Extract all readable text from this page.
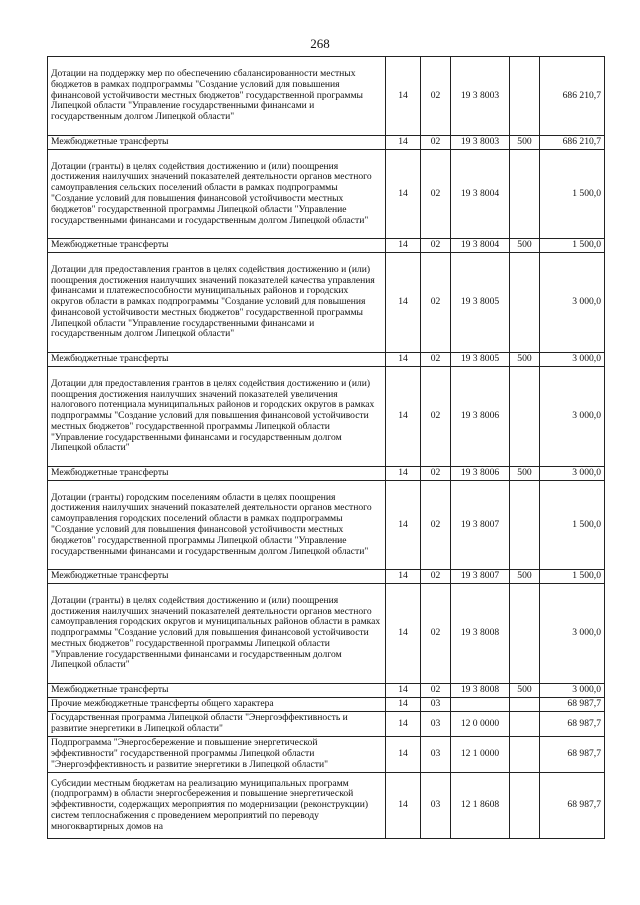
268
Дотации на поддержку мер по обеспечению сбалансированности местных бюджетов в рамках подпрограммы "Создание условий для повышения финансовой устойчивости местных бюджетов" государственной программы Липецкой области "Управление государственными финансами и государственным долгом Липецкой области"	14	02	19 3 8003		686 210,7
Межбюджетные трансферты	14	02	19 3 8003	500	686 210,7
Дотации (гранты) в целях содействия достижению и (или) поощрения достижения наилучших значений показателей деятельности органов местного самоуправления сельских поселений области в рамках подпрограммы "Создание условий для повышения финансовой устойчивости местных бюджетов" государственной программы Липецкой области "Управление государственными финансами и государственным долгом Липецкой области"	14	02	19 3 8004		1 500,0
Межбюджетные трансферты	14	02	19 3 8004	500	1 500,0
Дотации для предоставления грантов в целях содействия достижению и (или) поощрения достижения наилучших значений показателей качества управления финансами и платежеспособности муниципальных районов и городских округов области в рамках подпрограммы "Создание условий для повышения финансовой устойчивости местных бюджетов" государственной программы Липецкой области "Управление государственными финансами и государственным долгом Липецкой области"	14	02	19 3 8005		3 000,0
Межбюджетные трансферты	14	02	19 3 8005	500	3 000,0
Дотации для предоставления грантов в целях содействия достижению и (или) поощрения достижения наилучших значений показателей увеличения налогового потенциала муниципальных районов и городских округов в рамках подпрограммы "Создание условий для повышения финансовой устойчивости местных бюджетов" государственной программы Липецкой области "Управление государственными финансами и государственным долгом Липецкой области"	14	02	19 3 8006		3 000,0
Межбюджетные трансферты	14	02	19 3 8006	500	3 000,0
Дотации (гранты) городским поселениям области в целях поощрения достижения наилучших значений показателей деятельности органов местного самоуправления городских поселений области в рамках подпрограммы "Создание условий для повышения финансовой устойчивости местных бюджетов" государственной программы Липецкой области "Управление государственными финансами и государственным долгом Липецкой области"	14	02	19 3 8007		1 500,0
Межбюджетные трансферты	14	02	19 3 8007	500	1 500,0
Дотации (гранты) в целях содействия достижению и (или) поощрения достижения наилучших значений показателей деятельности органов местного самоуправления городских округов и муниципальных районов области в рамках подпрограммы "Создание условий для повышения финансовой устойчивости местных бюджетов" государственной программы Липецкой области "Управление государственными финансами и государственным долгом Липецкой области"	14	02	19 3 8008		3 000,0
Межбюджетные трансферты	14	02	19 3 8008	500	3 000,0
Прочие межбюджетные трансферты общего характера	14	03			68 987,7
Государственная программа Липецкой области "Энергоэффективность и развитие энергетики в Липецкой области"	14	03	12 0 0000		68 987,7
Подпрограмма "Энергосбережение и повышение энергетической эффективности" государственной программы Липецкой области "Энергоэффективность и развитие энергетики в Липецкой области"	14	03	12 1 0000		68 987,7
Субсидии местным бюджетам на реализацию муниципальных программ (подпрограмм) в области энергосбережения и повышение энергетической эффективности, содержащих мероприятия по модернизации (реконструкции) систем теплоснабжения с проведением мероприятий по переводу многоквартирных домов на	14	03	12 1 8608		68 987,7
